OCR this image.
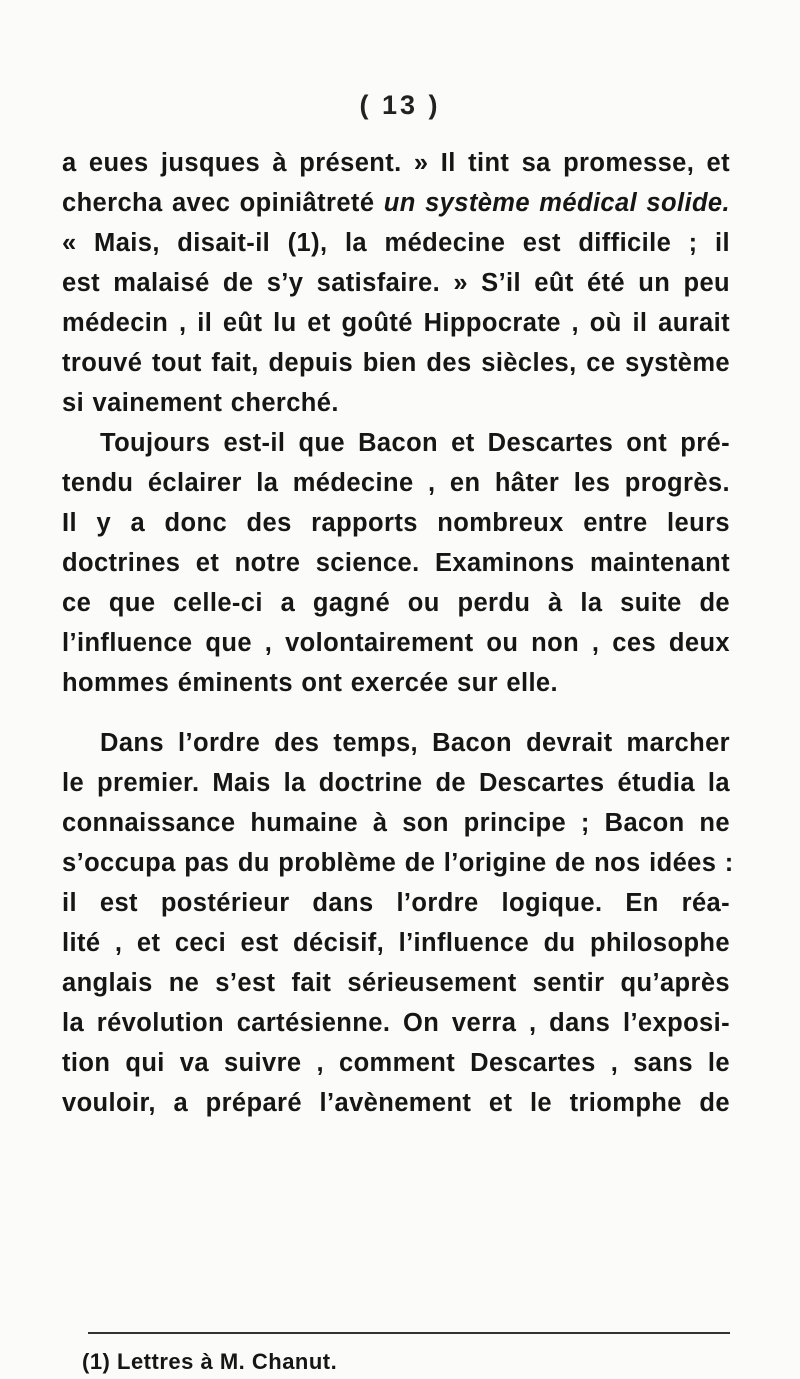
( 13 )
a eues jusques à présent. » Il tint sa promesse, et
chercha avec opiniâtreté un système médical solide.
« Mais, disait-il (1), la médecine est difficile ; il
est malaisé de s’y satisfaire. » S’il eût été un peu
médecin , il eût lu et goûté Hippocrate , où il aurait
trouvé tout fait, depuis bien des siècles, ce système
si vainement cherché.
Toujours est-il que Bacon et Descartes ont pré-
tendu éclairer la médecine , en hâter les progrès.
Il y a donc des rapports nombreux entre leurs
doctrines et notre science. Examinons maintenant
ce que celle-ci a gagné ou perdu à la suite de
l’influence que , volontairement ou non , ces deux
hommes éminents ont exercée sur elle.
Dans l’ordre des temps, Bacon devrait marcher
le premier. Mais la doctrine de Descartes étudia la
connaissance humaine à son principe ; Bacon ne
s’occupa pas du problème de l’origine de nos idées :
il est postérieur dans l’ordre logique. En réa-
lité , et ceci est décisif, l’influence du philosophe
anglais ne s’est fait sérieusement sentir qu’après
la révolution cartésienne. On verra , dans l’exposi-
tion qui va suivre , comment Descartes , sans le
vouloir, a préparé l’avènement et le triomphe de
(1) Lettres à M. Chanut.
